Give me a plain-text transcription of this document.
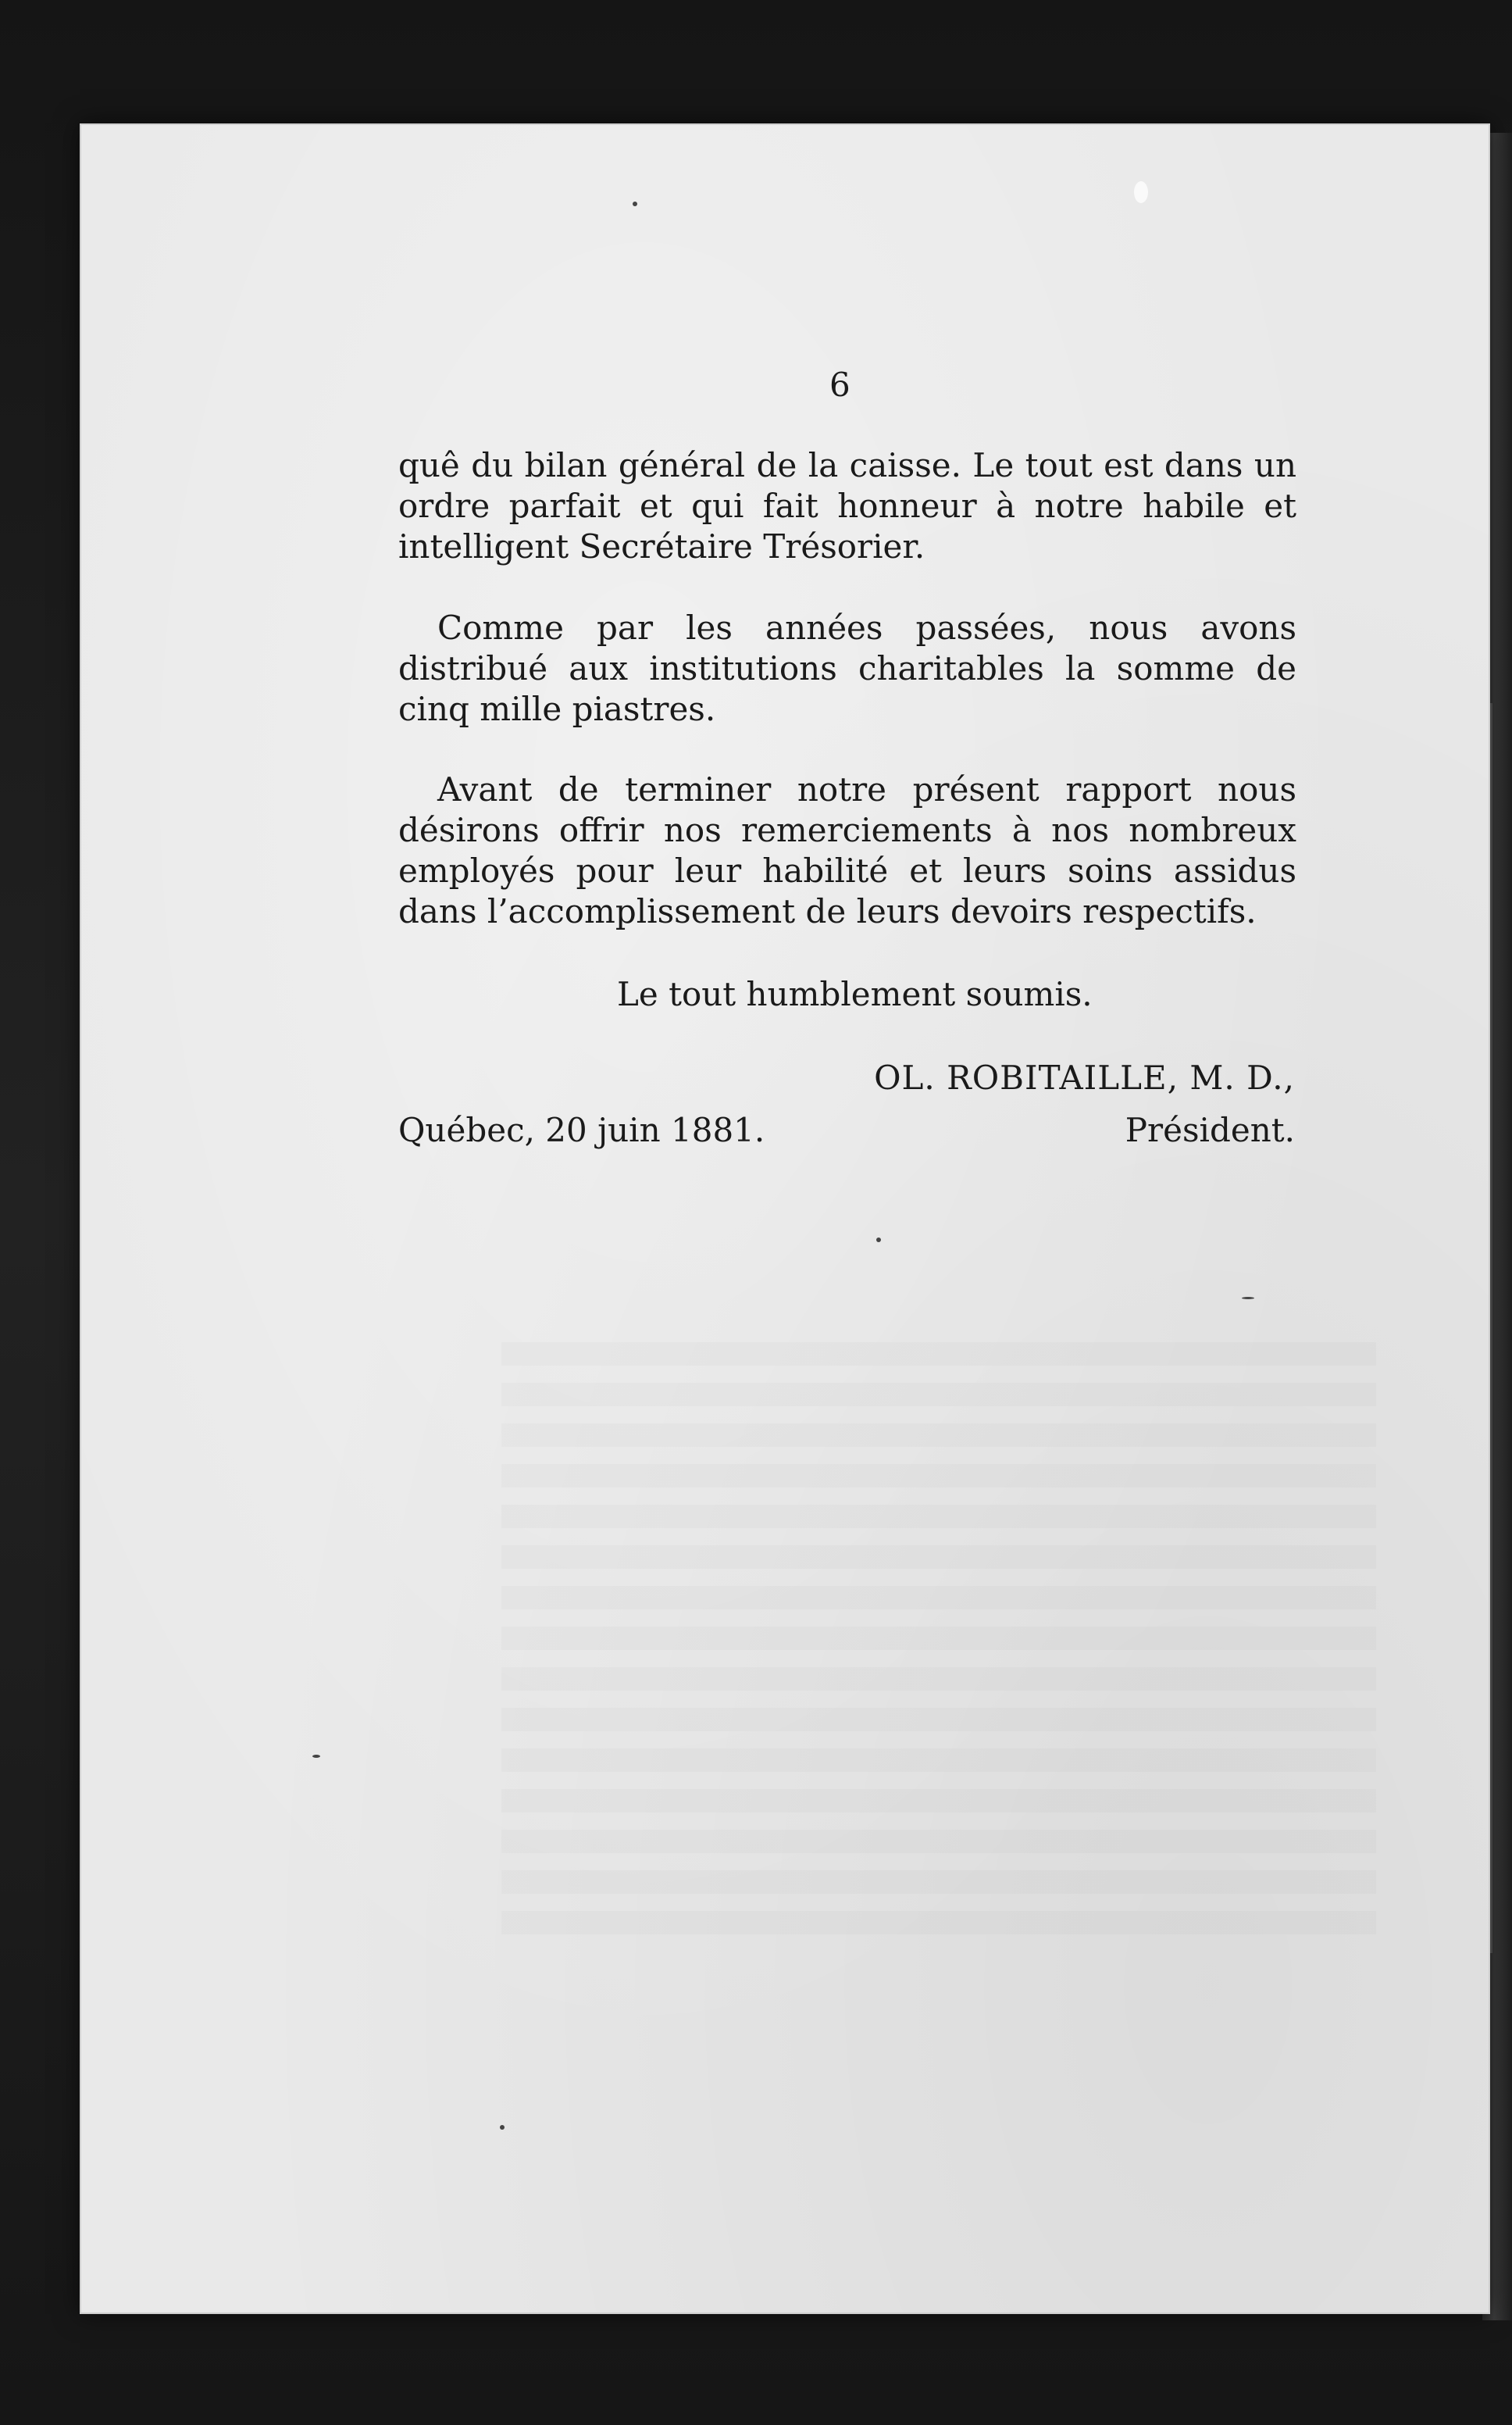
6
quê du bilan général de la caisse. Le tout est dans un ordre parfait et qui fait honneur à notre habile et intelligent Secrétaire Trésorier.
Comme par les années passées, nous avons distribué aux institutions charitables la somme de cinq mille piastres.
Avant de terminer notre présent rapport nous désirons offrir nos remerciements à nos nombreux employés pour leur habilité et leurs soins assidus dans l’accomplissement de leurs devoirs respectifs.
Le tout humblement soumis.
OL. ROBITAILLE, M. D.,
Québec, 20 juin 1881.	Président.
